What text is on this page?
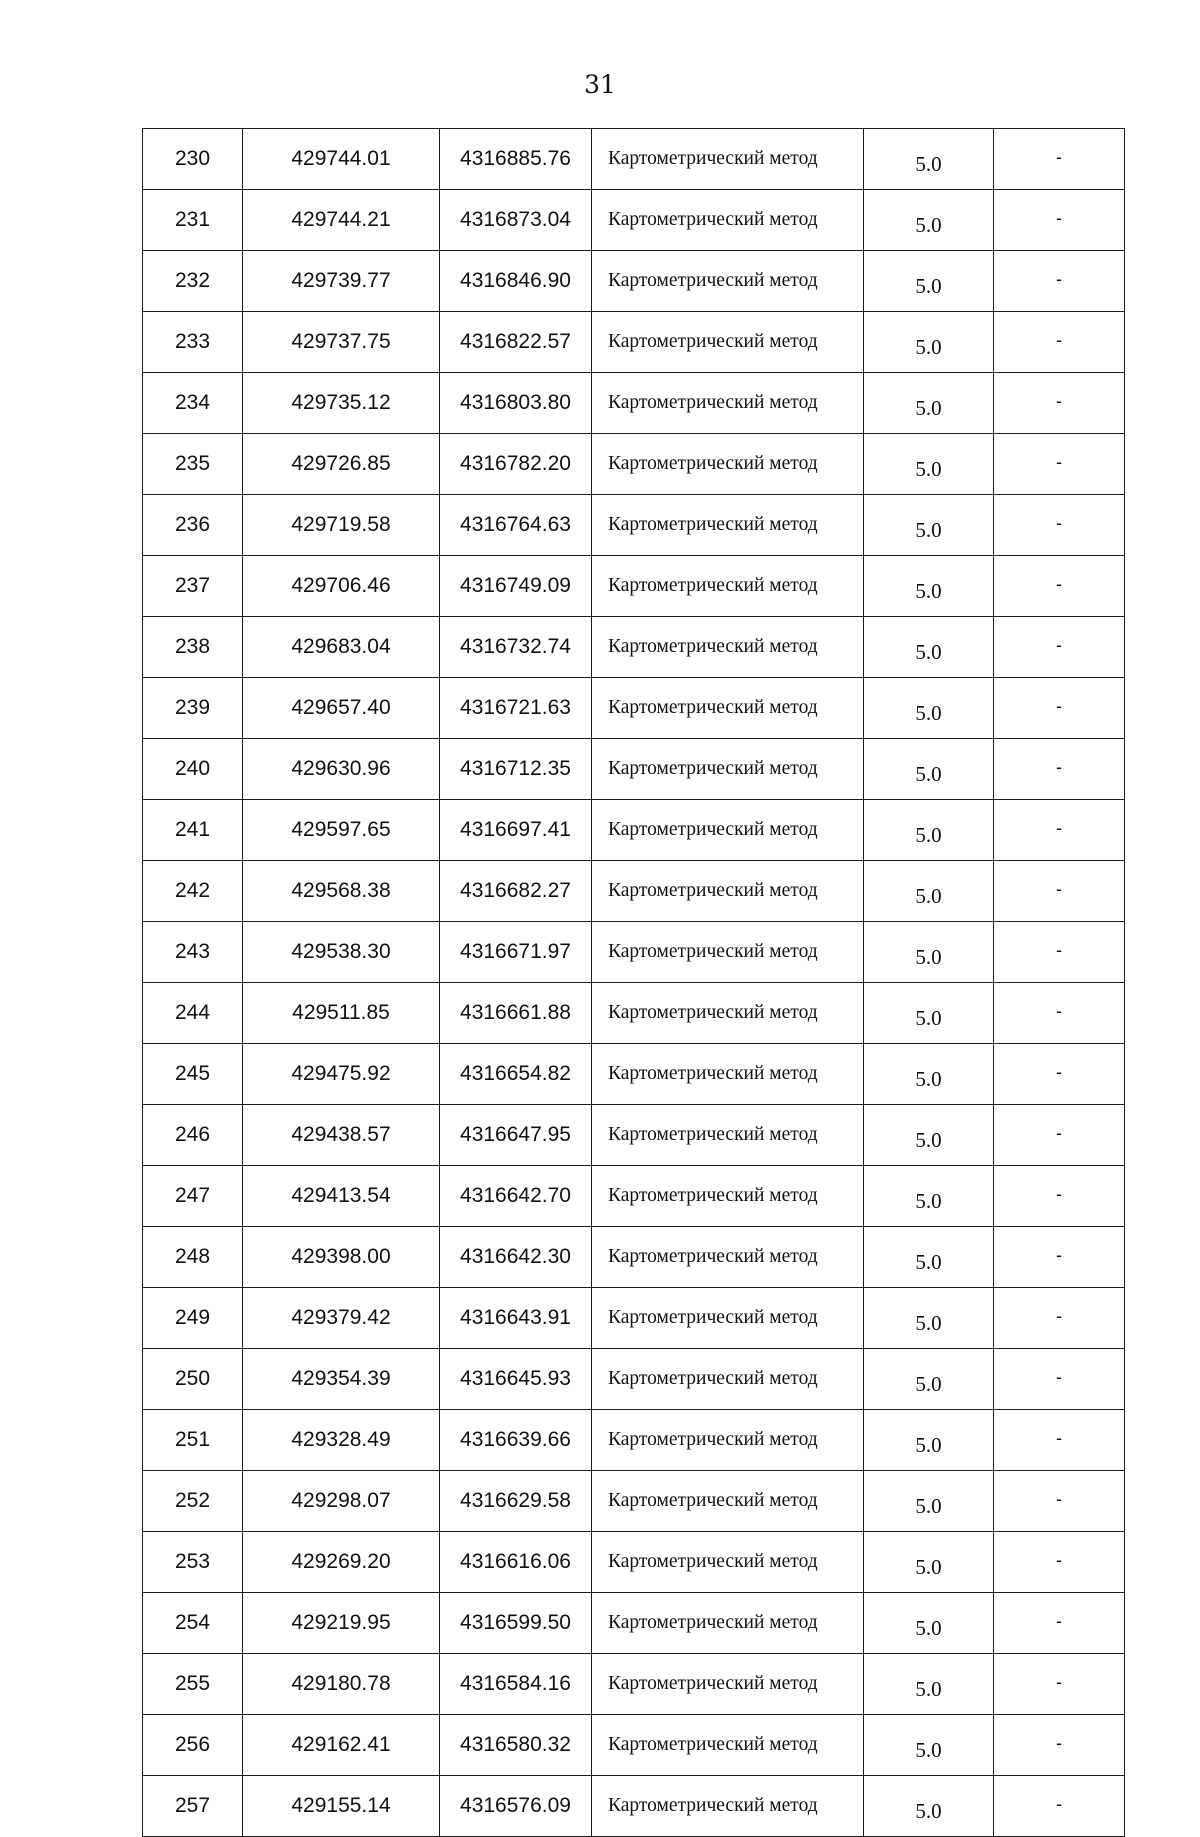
31
230	429744.01	4316885.76	Картометрический метод	5.0	-
231	429744.21	4316873.04	Картометрический метод	5.0	-
232	429739.77	4316846.90	Картометрический метод	5.0	-
233	429737.75	4316822.57	Картометрический метод	5.0	-
234	429735.12	4316803.80	Картометрический метод	5.0	-
235	429726.85	4316782.20	Картометрический метод	5.0	-
236	429719.58	4316764.63	Картометрический метод	5.0	-
237	429706.46	4316749.09	Картометрический метод	5.0	-
238	429683.04	4316732.74	Картометрический метод	5.0	-
239	429657.40	4316721.63	Картометрический метод	5.0	-
240	429630.96	4316712.35	Картометрический метод	5.0	-
241	429597.65	4316697.41	Картометрический метод	5.0	-
242	429568.38	4316682.27	Картометрический метод	5.0	-
243	429538.30	4316671.97	Картометрический метод	5.0	-
244	429511.85	4316661.88	Картометрический метод	5.0	-
245	429475.92	4316654.82	Картометрический метод	5.0	-
246	429438.57	4316647.95	Картометрический метод	5.0	-
247	429413.54	4316642.70	Картометрический метод	5.0	-
248	429398.00	4316642.30	Картометрический метод	5.0	-
249	429379.42	4316643.91	Картометрический метод	5.0	-
250	429354.39	4316645.93	Картометрический метод	5.0	-
251	429328.49	4316639.66	Картометрический метод	5.0	-
252	429298.07	4316629.58	Картометрический метод	5.0	-
253	429269.20	4316616.06	Картометрический метод	5.0	-
254	429219.95	4316599.50	Картометрический метод	5.0	-
255	429180.78	4316584.16	Картометрический метод	5.0	-
256	429162.41	4316580.32	Картометрический метод	5.0	-
257	429155.14	4316576.09	Картометрический метод	5.0	-
